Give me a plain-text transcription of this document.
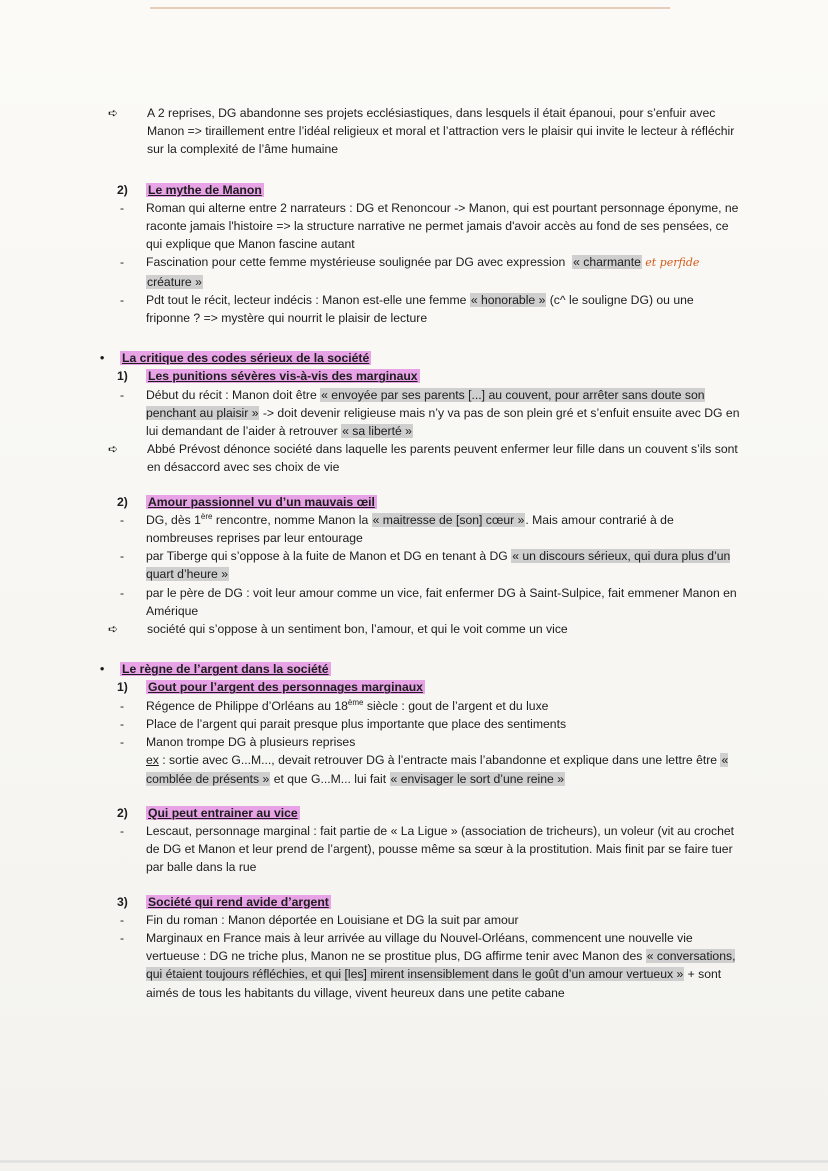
➪	A 2 reprises, DG abandonne ses projets ecclésiastiques, dans lesquels il était épanoui, pour s’enfuir avec Manon => tiraillement entre l’idéal religieux et moral et l’attraction vers le plaisir qui invite le lecteur à réfléchir sur la complexité de l’âme humaine
2) Le mythe de Manon
- Roman qui alterne entre 2 narrateurs : DG et Renoncour -> Manon, qui est pourtant personnage éponyme, ne raconte jamais l'histoire => la structure narrative ne permet jamais d'avoir accès au fond de ses pensées, ce qui explique que Manon fascine autant
- Fascination pour cette femme mystérieuse soulignée par DG avec expression « charmante et perfide créature »
- Pdt tout le récit, lecteur indécis : Manon est-elle une femme « honorable » (c^ le souligne DG) ou une friponne ? => mystère qui nourrit le plaisir de lecture
• La critique des codes sérieux de la société
1) Les punitions sévères vis-à-vis des marginaux
- Début du récit : Manon doit être « envoyée par ses parents [...] au couvent, pour arrêter sans doute son penchant au plaisir » -> doit devenir religieuse mais n’y va pas de son plein gré et s’enfuit ensuite avec DG en lui demandant de l’aider à retrouver « sa liberté »
➪	Abbé Prévost dénonce société dans laquelle les parents peuvent enfermer leur fille dans un couvent s’ils sont en désaccord avec ses choix de vie
2) Amour passionnel vu d’un mauvais œil
- DG, dès 1ère rencontre, nomme Manon la « maitresse de [son] cœur ». Mais amour contrarié à de nombreuses reprises par leur entourage
- par Tiberge qui s’oppose à la fuite de Manon et DG en tenant à DG « un discours sérieux, qui dura plus d’un quart d’heure »
- par le père de DG : voit leur amour comme un vice, fait enfermer DG à Saint-Sulpice, fait emmener Manon en Amérique
➪	société qui s’oppose à un sentiment bon, l’amour, et qui le voit comme un vice
• Le règne de l’argent dans la société
1) Gout pour l’argent des personnages marginaux
- Régence de Philippe d’Orléans au 18ème siècle : gout de l’argent et du luxe
- Place de l’argent qui parait presque plus importante que place des sentiments
- Manon trompe DG à plusieurs reprises
ex : sortie avec G...M..., devait retrouver DG à l’entracte mais l’abandonne et explique dans une lettre être « comblée de présents » et que G...M... lui fait « envisager le sort d’une reine »
2) Qui peut entrainer au vice
- Lescaut, personnage marginal : fait partie de « La Ligue » (association de tricheurs), un voleur (vit au crochet de DG et Manon et leur prend de l’argent), pousse même sa sœur à la prostitution. Mais finit par se faire tuer par balle dans la rue
3) Société qui rend avide d’argent
- Fin du roman : Manon déportée en Louisiane et DG la suit par amour
- Marginaux en France mais à leur arrivée au village du Nouvel-Orléans, commencent une nouvelle vie vertueuse : DG ne triche plus, Manon ne se prostitue plus, DG affirme tenir avec Manon des « conversations, qui étaient toujours réfléchies, et qui [les] mirent insensiblement dans le goût d’un amour vertueux » + sont aimés de tous les habitants du village, vivent heureux dans une petite cabane
